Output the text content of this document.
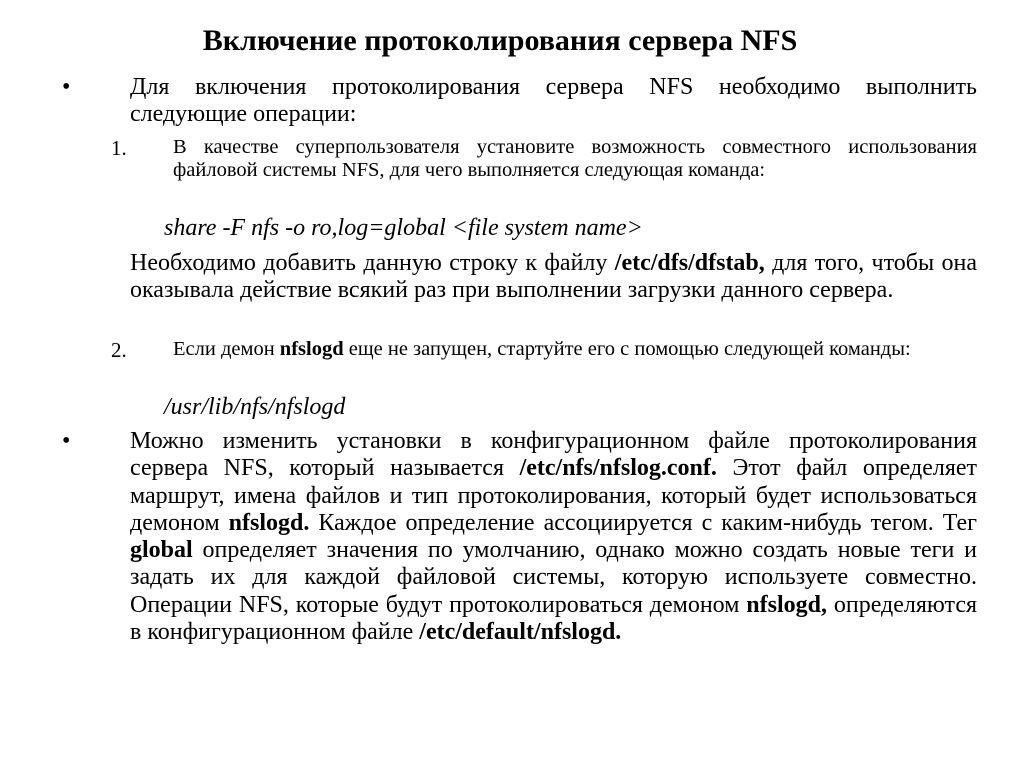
Включение протоколирования сервера NFS
• Для включения протоколирования сервера NFS необходимо выполнить следующие операции:
1. В качестве суперпользователя установите возможность совместного использования файловой системы NFS, для чего выполняется следующая команда:
share -F nfs -o ro,log=global <file system name>
Необходимо добавить данную строку к файлу /etc/dfs/dfstab, для того, чтобы она оказывала действие всякий раз при выполнении загрузки данного сервера.
2. Если демон nfslogd еще не запущен, стартуйте его с помощью следующей команды:
/usr/lib/nfs/nfslogd
• Можно изменить установки в конфигурационном файле протоколирования сервера NFS, который называется /etc/nfs/nfslog.conf. Этот файл определяет маршрут, имена файлов и тип протоколирования, который будет использоваться демоном nfslogd. Каждое определение ассоциируется с каким-нибудь тегом. Тег global определяет значения по умолчанию, однако можно создать новые теги и задать их для каждой файловой системы, которую используете совместно. Операции NFS, которые будут протоколироваться демоном nfslogd, определяются в конфигурационном файле /etc/default/nfslogd.
